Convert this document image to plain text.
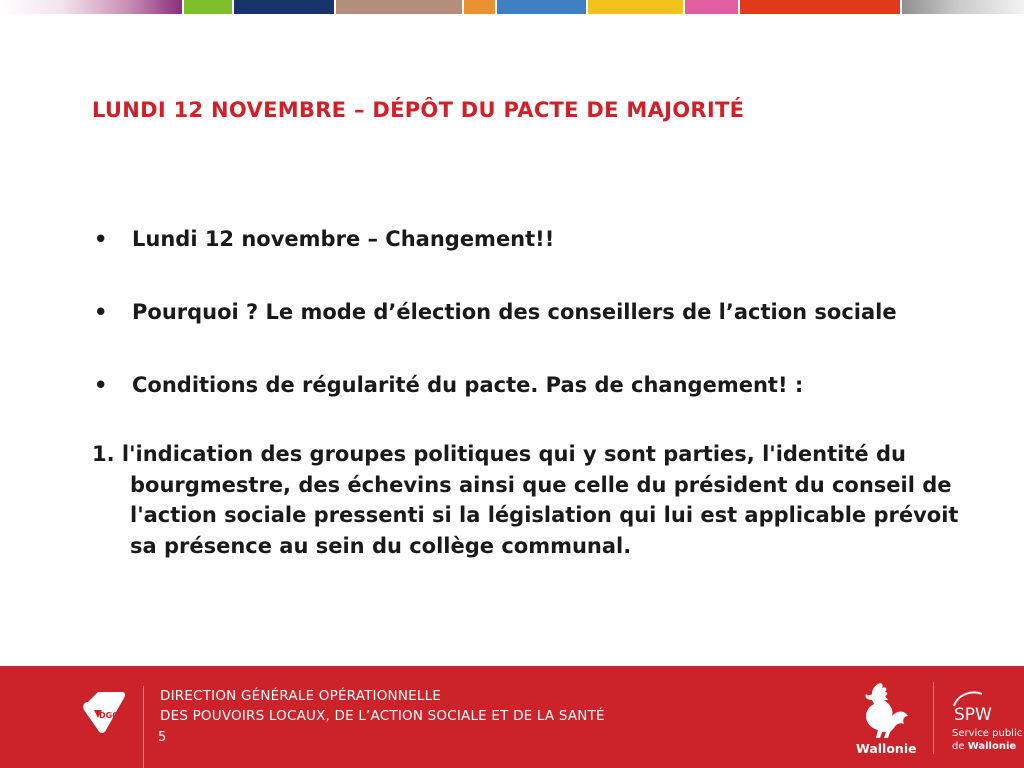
LUNDI 12 NOVEMBRE – DÉPÔT DU PACTE DE MAJORITÉ
•	Lundi 12 novembre – Changement!!
•	Pourquoi ? Le mode d’élection des conseillers de l’action sociale
•	Conditions de régularité du pacte. Pas de changement! :
1. l'indication des groupes politiques qui y sont parties, l'identité du bourgmestre, des échevins ainsi que celle du président du conseil de l'action sociale pressenti si la législation qui lui est applicable prévoit sa présence au sein du collège communal.
DGO 5
DIRECTION GÉNÉRALE OPÉRATIONNELLE
DES POUVOIRS LOCAUX, DE L’ACTION SOCIALE ET DE LA SANTÉ
5
Wallonie
SPW
Service public
de Wallonie
